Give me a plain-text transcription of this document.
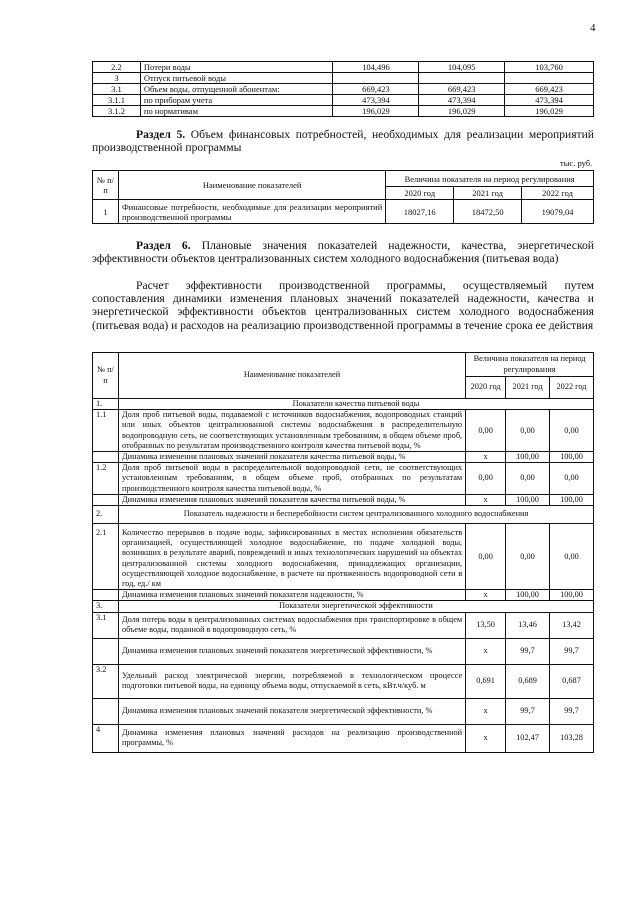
4
2.2	Потери воды	104,496	104,095	103,760
3	Отпуск питьевой воды			
3.1	Объем воды, отпущенной абонентам:	669,423	669,423	669,423
3.1.1	по приборам учета	473,394	473,394	473,394
3.1.2	по нормативам	196,029	196,029	196,029
Раздел 5. Объем финансовых потребностей, необходимых для реализации мероприятий производственной программы
тыс. руб.
№ п/п	Наименование показателей	Величина показателя на период регулирования		
		2020 год	2021 год	2022 год
1	Финансовые потребности, необходимые для реализации мероприятий производственной программы	18027,16	18472,50	19079,04
Раздел 6. Плановые значения показателей надежности, качества, энергетической эффективности объектов централизованных систем холодного водоснабжения (питьевая вода)
Расчет эффективности производственной программы, осуществляемый путем сопоставления динамики изменения плановых значений показателей надежности, качества и энергетической эффективности объектов централизованных систем холодного водоснабжения (питьевая вода) и расходов на реализацию производственной программы в течение срока ее действия
№ п/п	Наименование показателей	Величина показателя на период регулирования		
		2020 год	2021 год	2022 год
1.	Показатели качества питьевой воды			
1.1	Доля проб питьевой воды, подаваемой с источников водоснабжения, водопроводных станций или иных объектов централизованной системы водоснабжения в распределительную водопроводную сеть, не соответствующих установленным требованиям, в общем объеме проб, отобранных по результатам производственного контроля качества питьевой воды, %	0,00	0,00	0,00
	Динамика изменения плановых значений показателя качества питьевой воды, %	х	100,00	100,00
1.2	Доля проб питьевой воды в распределительной водопроводной сети, не соответствующих установленным требованиям, в общем объеме проб, отобранных по результатам производственного контроля качества питьевой воды, %	0,00	0,00	0,00
	Динамика изменения плановых значений показателя качества питьевой воды, %	х	100,00	100,00
2.	Показатель надежности и бесперебойности систем централизованного холодного водоснабжения			
2.1	Количество перерывов в подаче воды, зафиксированных в местах исполнения обязательств организацией, осуществляющей холодное водоснабжение, по подаче холодной воды, возникших в результате аварий, повреждений и иных технологических нарушений на объектах централизованной системы холодного водоснабжения, принадлежащих организации, осуществляющей холодное водоснабжение, в расчете на протяженность водопроводной сети в год, ед./ км	0,00	0,00	0,00
	Динамика изменения плановых значений показателя надежности, %	х	100,00	100,00
3.	Показатели энергетической эффективности			
3.1	Доля потерь воды в централизованных системах водоснабжения при транспортировке в общем объеме воды, поданной в водопроводную сеть, %	13,50	13,46	13,42
	Динамика изменения плановых значений показателя энергетической эффективности, %	х	99,7	99,7
3.2	Удельный расход электрической энергии, потребляемой в технологическом процессе подготовки питьевой воды, на единицу объема воды, отпускаемой в сеть, кВт.ч/куб. м	0,691	0,689	0,687
	Динамика изменения плановых значений показателя энергетической эффективности, %	х	99,7	99,7
4	Динамика изменения плановых значений расходов на реализацию производственной программы, %	х	102,47	103,28
